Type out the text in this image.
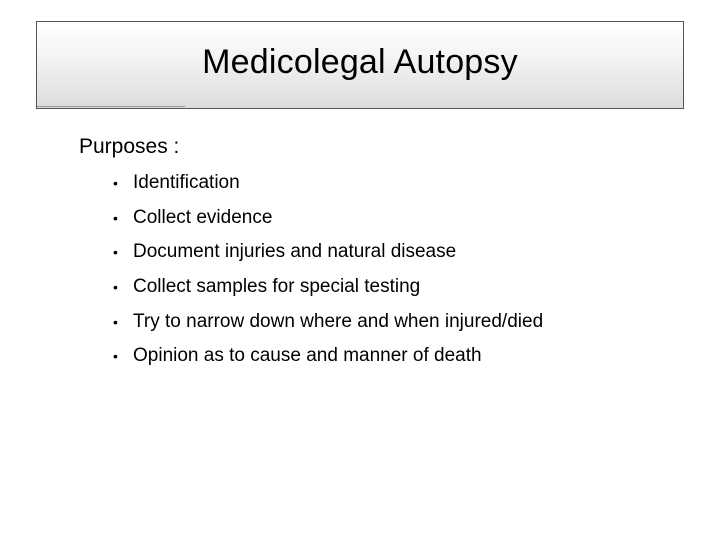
Medicolegal Autopsy
Purposes :
• Identification
• Collect evidence
• Document injuries and natural disease
• Collect samples for special testing
• Try to narrow down where and when injured/died
• Opinion as to cause and manner of death
